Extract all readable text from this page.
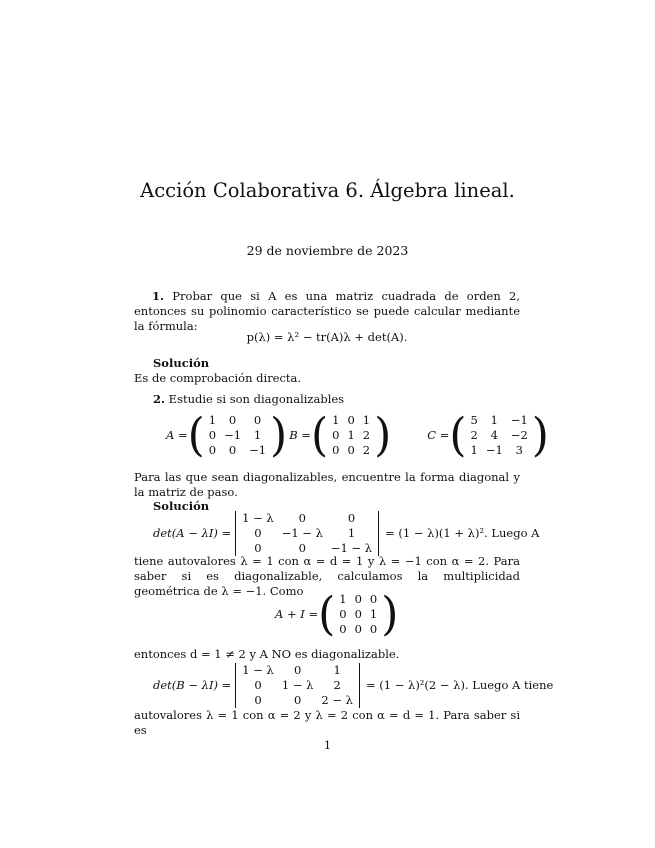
Acción Colaborativa 6. Álgebra lineal.
29 de noviembre de 2023
1. Probar que si A es una matriz cuadrada de orden 2, entonces su polinomio característico se puede calcular mediante la fórmula:
p(λ) = λ² − tr(A)λ + det(A).
Solución
Es de comprobación directa.
2. Estudie si son diagonalizables
A = ( 1	0	0
0	−1	1
0	0	−1 ) B = ( 1	0	1
0	1	2
0	0	2 )	C = ( 5	1	−1
2	4	−2
1	−1	3 )
Para las que sean diagonalizables, encuentre la forma diagonal y la matriz de paso.
Solución
det(A − λI) =
1 − λ	0	0
0	−1 − λ	1
0	0	−1 − λ
= (1 − λ)(1 + λ)². Luego A
tiene autovalores λ = 1 con α = d = 1 y λ = −1 con α = 2. Para saber si es diagonalizable, calculamos la multiplicidad geométrica de λ = −1. Como
A + I = ( 1	0	0
0	0	1
0	0	0 )
entonces d = 1 ≠ 2 y A NO es diagonalizable.
det(B − λI) =
1 − λ	0	1
0	1 − λ	2
0	0	2 − λ
= (1 − λ)²(2 − λ). Luego A tiene
autovalores λ = 1 con α = 2 y λ = 2 con α = d = 1. Para saber si es
1
